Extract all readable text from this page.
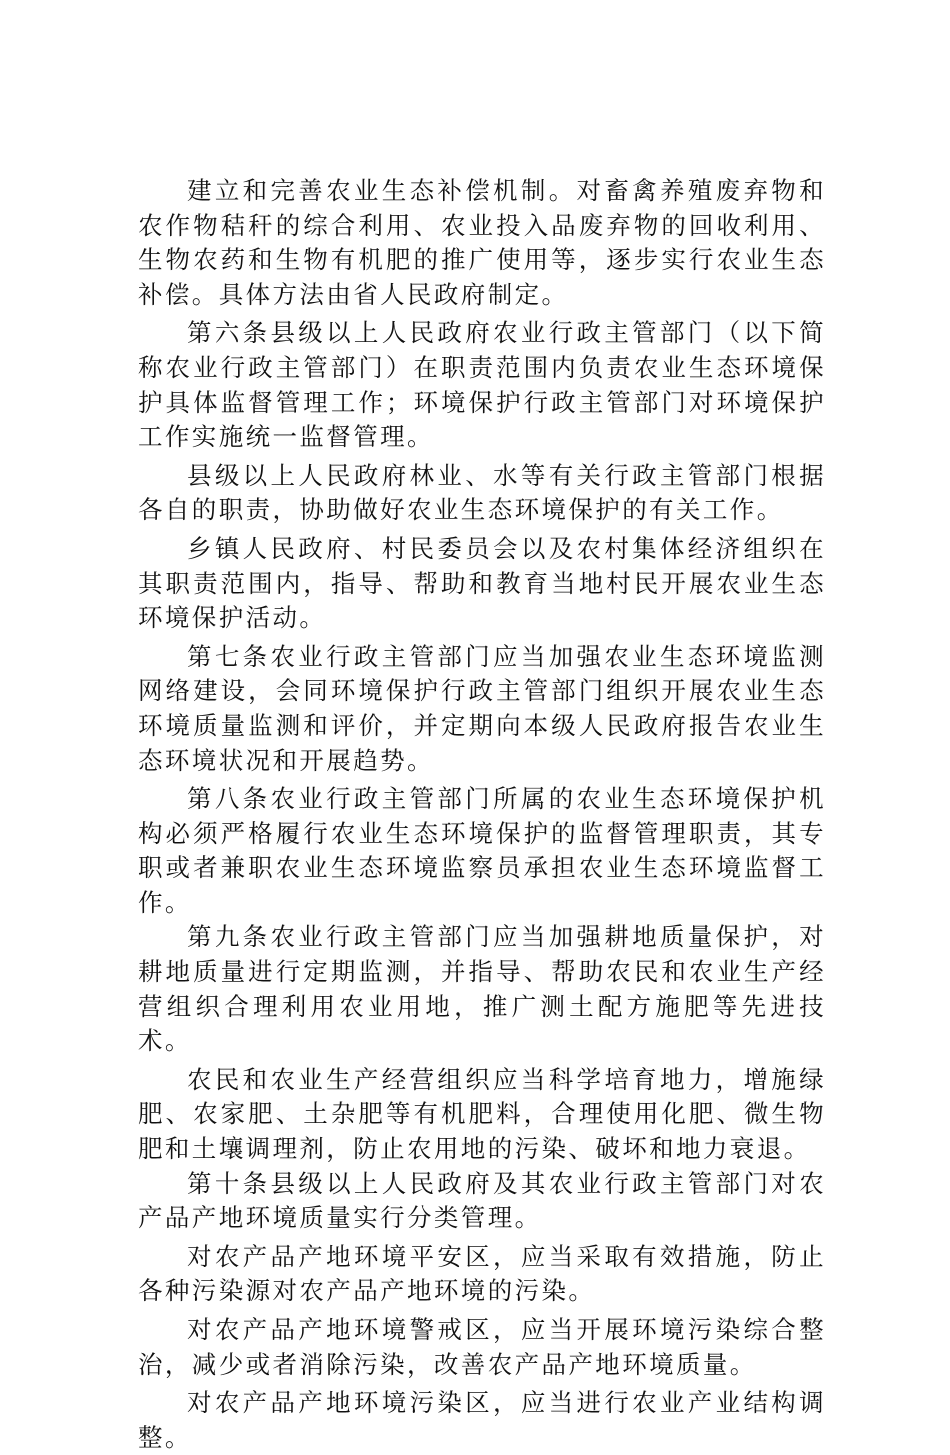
建立和完善农业生态补偿机制。对畜禽养殖废弃物和农作物秸秆的综合利用、农业投入品废弃物的回收利用、生物农药和生物有机肥的推广使用等，逐步实行农业生态补偿。具体方法由省人民政府制定。

第六条县级以上人民政府农业行政主管部门（以下简称农业行政主管部门）在职责范围内负责农业生态环境保护具体监督管理工作；环境保护行政主管部门对环境保护工作实施统一监督管理。

县级以上人民政府林业、水等有关行政主管部门根据各自的职责，协助做好农业生态环境保护的有关工作。

乡镇人民政府、村民委员会以及农村集体经济组织在其职责范围内，指导、帮助和教育当地村民开展农业生态环境保护活动。

第七条农业行政主管部门应当加强农业生态环境监测网络建设，会同环境保护行政主管部门组织开展农业生态环境质量监测和评价，并定期向本级人民政府报告农业生态环境状况和开展趋势。

第八条农业行政主管部门所属的农业生态环境保护机构必须严格履行农业生态环境保护的监督管理职责，其专职或者兼职农业生态环境监察员承担农业生态环境监督工作。

第九条农业行政主管部门应当加强耕地质量保护，对耕地质量进行定期监测，并指导、帮助农民和农业生产经营组织合理利用农业用地，推广测土配方施肥等先进技术。

农民和农业生产经营组织应当科学培育地力，增施绿肥、农家肥、土杂肥等有机肥料，合理使用化肥、微生物肥和土壤调理剂，防止农用地的污染、破坏和地力衰退。

第十条县级以上人民政府及其农业行政主管部门对农产品产地环境质量实行分类管理。

对农产品产地环境平安区，应当采取有效措施，防止各种污染源对农产品产地环境的污染。

对农产品产地环境警戒区，应当开展环境污染综合整治，减少或者消除污染，改善农产品产地环境质量。

对农产品产地环境污染区，应当进行农业产业结构调整。
